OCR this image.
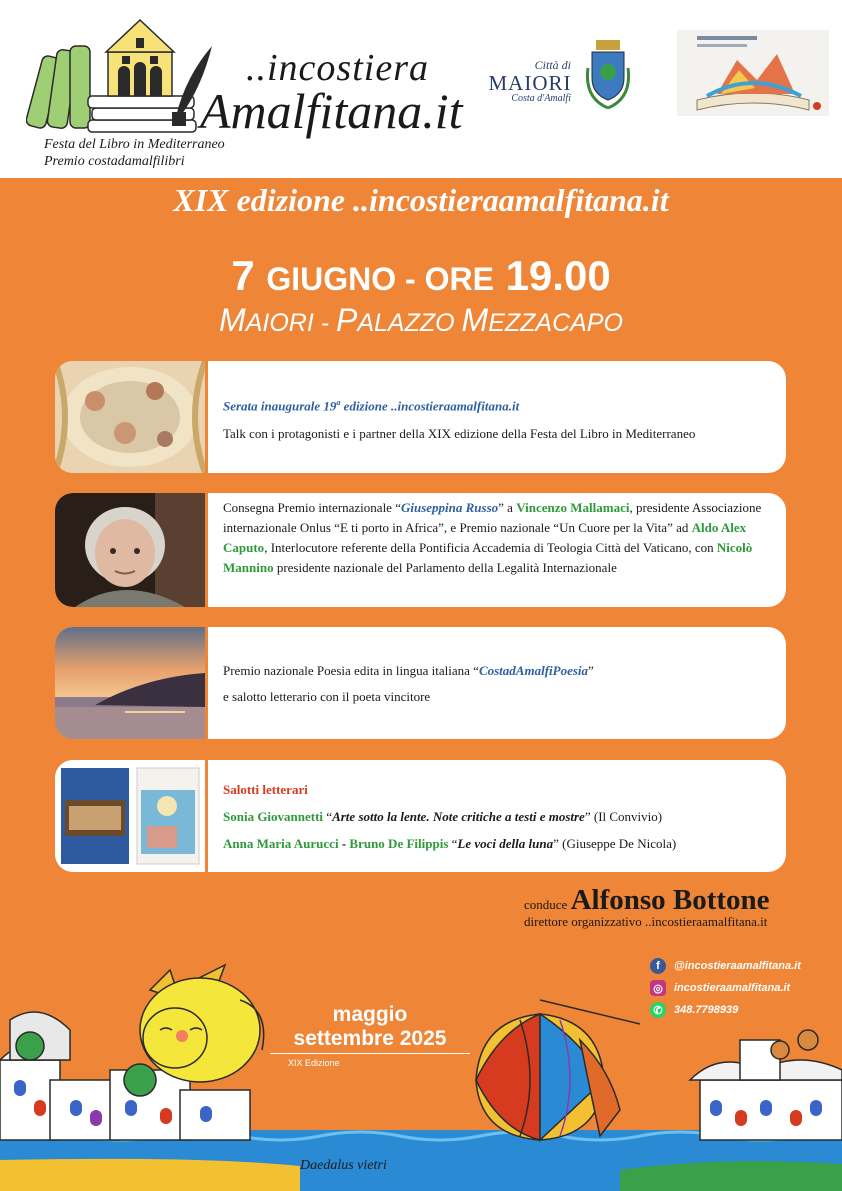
..incostiera
Amalfitana.it
Festa del Libro in Mediterraneo
Premio costadamalfilibri
Città di
MAIORI
Costa d'Amalfi
XIX edizione ..incostieraamalfitana.it
7 GIUGNO - ORE 19.00
MAIORI - PALAZZO MEZZACAPO
Serata inaugurale 19$^a$ edizione ..incostieraamalfitana.it
Talk con i protagonisti e i partner della XIX edizione della Festa del Libro in Mediterraneo
Consegna Premio internazionale “Giuseppina Russo” a Vincenzo Mallamaci, presidente Associazione internazionale Onlus “E ti porto in Africa”, e Premio nazionale “Un Cuore per la Vita” ad Aldo Alex Caputo, Interlocutore referente della Pontificia Accademia di Teologia Città del Vaticano, con Nicolò Mannino presidente nazionale del Parlamento della Legalità Internazionale
Premio nazionale Poesia edita in lingua italiana “CostadAmalfiPoesia”
e salotto letterario con il poeta vincitore
Salotti letterari
Sonia Giovannetti “Arte sotto la lente. Note critiche a testi e mostre” (Il Convivio)
Anna Maria Aurucci - Bruno De Filippis “Le voci della luna” (Giuseppe De Nicola)
conduce Alfonso Bottone
direttore organizzativo ..incostieraamalfitana.it
Daedalus vietri
f	@incostieraamalfitana.it
◎ incostieraamalfitana.it
✆	348.7798939
maggio
settembre 2025
XIX Edizione
